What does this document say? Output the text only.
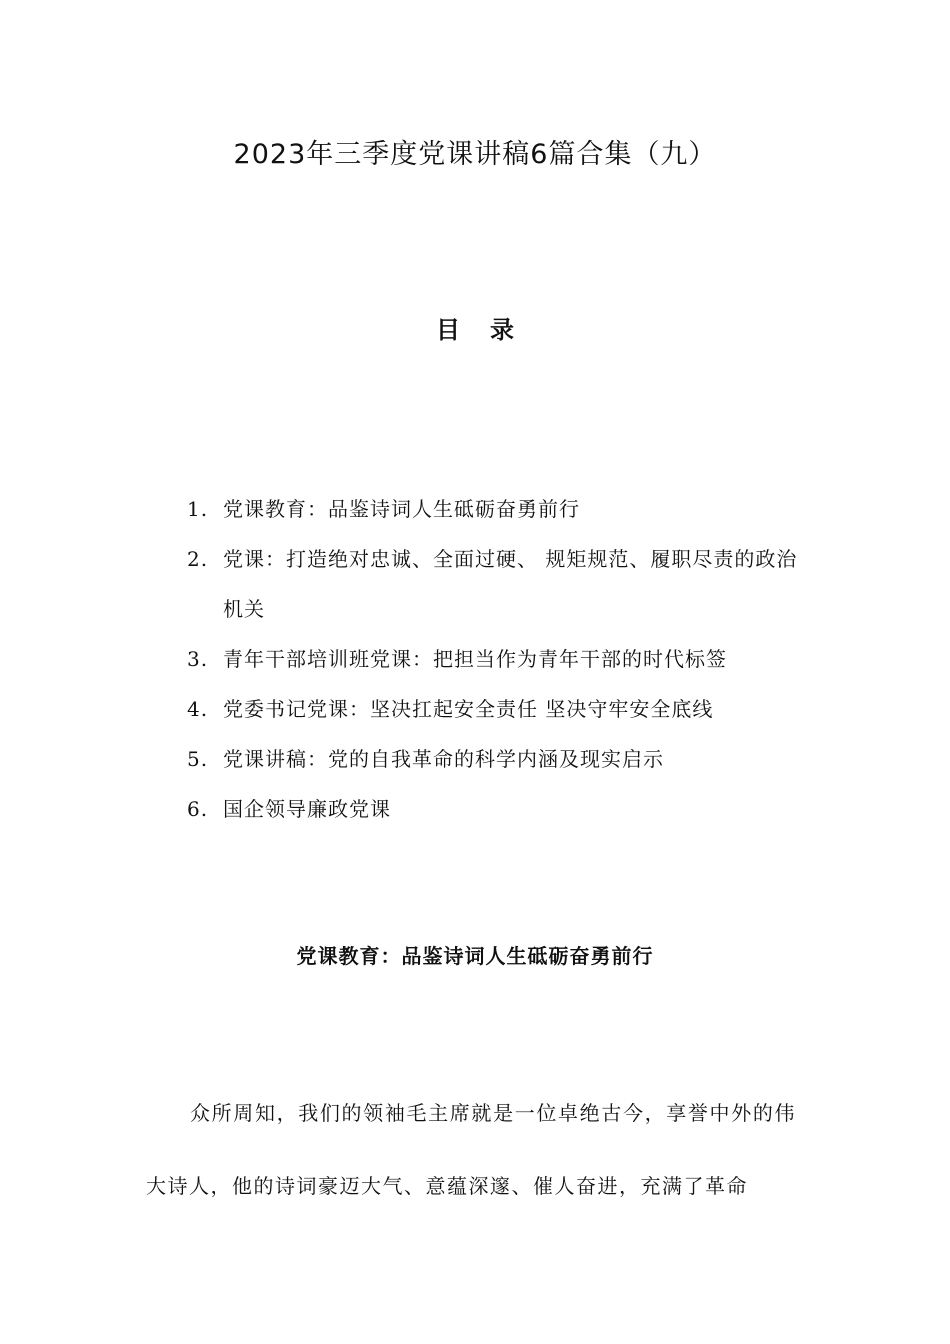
2023年三季度党课讲稿6篇合集（九）
目录
1. 党课教育：品鉴诗词人生砥砺奋勇前行
2. 党课：打造绝对忠诚、全面过硬、 规矩规范、履职尽责的政治机关
3. 青年干部培训班党课：把担当作为青年干部的时代标签
4. 党委书记党课：坚决扛起安全责任 坚决守牢安全底线
5. 党课讲稿：党的自我革命的科学内涵及现实启示
6. 国企领导廉政党课
党课教育：品鉴诗词人生砥砺奋勇前行

众所周知，我们的领袖毛主席就是一位卓绝古今，享誉中外的伟大诗人，他的诗词豪迈大气、意蕴深邃、催人奋进，充满了革命
